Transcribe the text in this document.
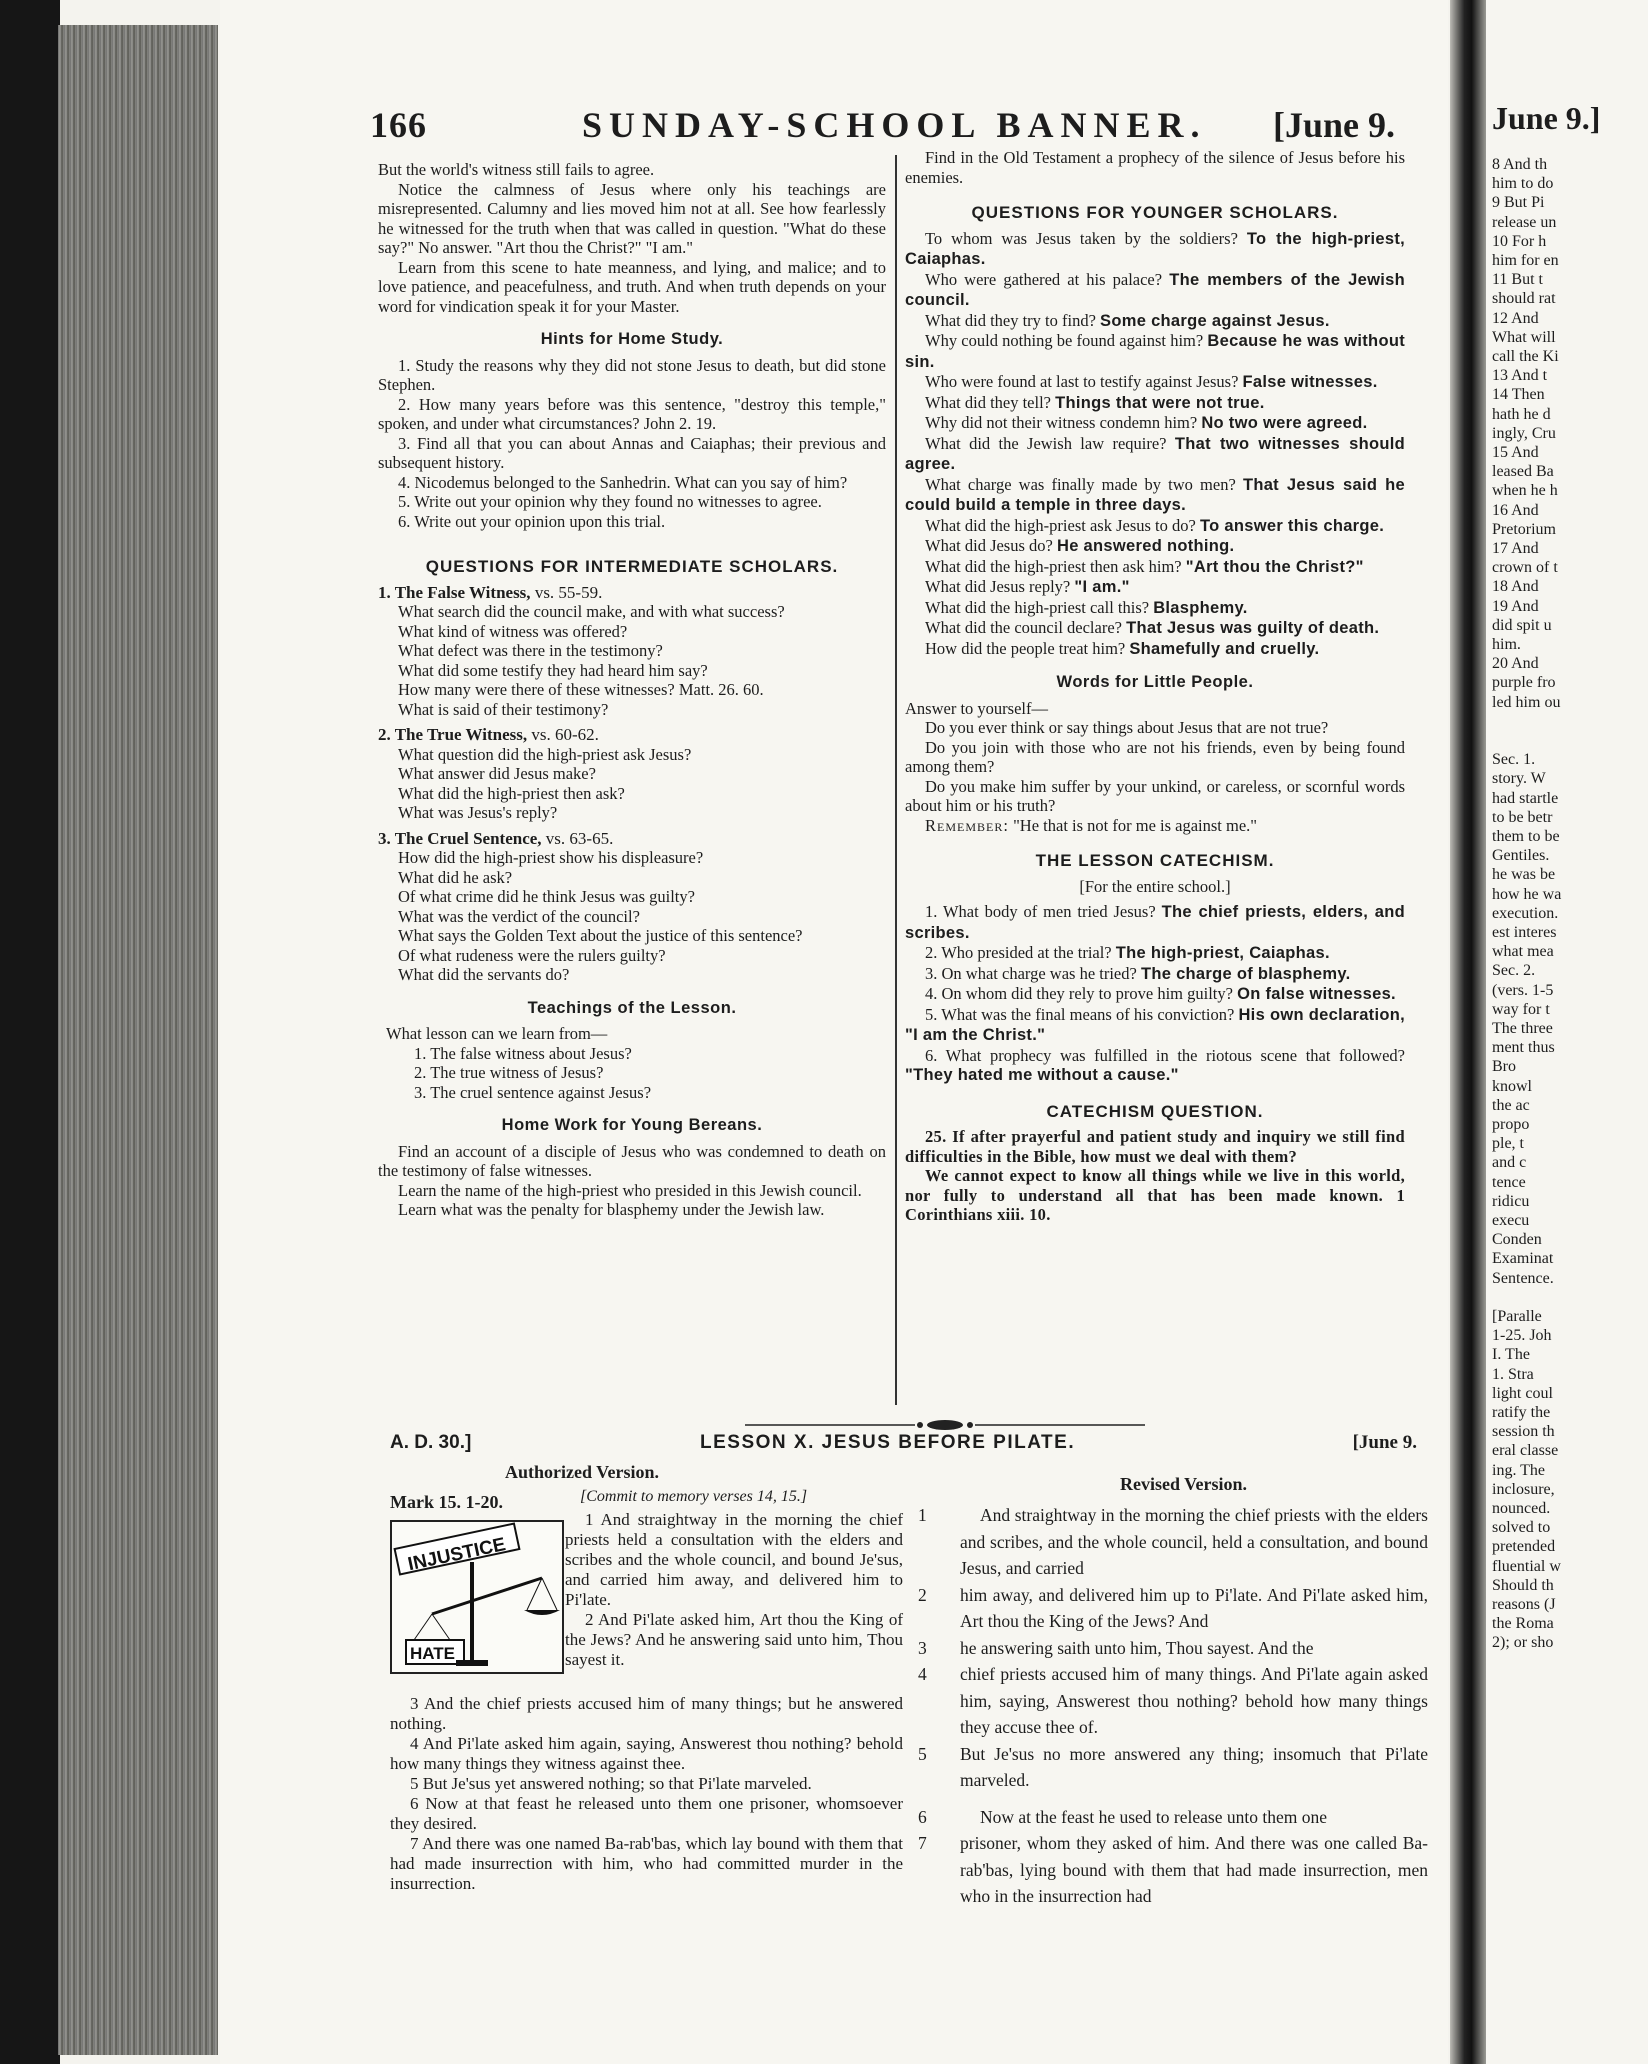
June 9.]
8 And th
him to do
9 But Pi
release un
10 For h
him for en
11 But t
should rat
12 And
What will
call the Ki
13 And t
14 Then
hath he d
ingly, Cru
15 And
leased Ba
when he h
16 And
Pretorium
17 And
crown of t
18 And
19 And
did spit u
him.
20 And
purple fro
led him ou
Sec. 1.
story. W
had startle
to be betr
them to be
Gentiles.
he was be
how he wa
execution.
est interes
what mea
Sec. 2.
(vers. 1-5
way for t
The three
ment thus
Bro
knowl
the ac
propo
ple, t
and c
tence
ridicu
execu
Conden
Examinat
Sentence.
[Paralle
1-25. Joh
I. The
1. Stra
light coul
ratify the
session th
eral classe
ing. The
inclosure,
nounced.
solved to
pretended
fluential w
Should th
reasons (J
the Roma
2); or sho
166	SUNDAY-SCHOOL BANNER. [June 9.

But the world's witness still fails to agree.

Notice the calmness of Jesus where only his teachings are misrepresented. Calumny and lies moved him not at all. See how fearlessly he witnessed for the truth when that was called in question. "What do these say?" No answer. "Art thou the Christ?" "I am."

Learn from this scene to hate meanness, and lying, and malice; and to love patience, and peacefulness, and truth. And when truth depends on your word for vindication speak it for your Master.

Hints for Home Study.

1. Study the reasons why they did not stone Jesus to death, but did stone Stephen.

2. How many years before was this sentence, "destroy this temple," spoken, and under what circumstances? John 2. 19.

3. Find all that you can about Annas and Caiaphas; their previous and subsequent history.

4. Nicodemus belonged to the Sanhedrin. What can you say of him?

5. Write out your opinion why they found no witnesses to agree.

6. Write out your opinion upon this trial.

QUESTIONS FOR INTERMEDIATE SCHOLARS.
1. The False Witness, vs. 55-59.

What search did the council make, and with what success?

What kind of witness was offered?

What defect was there in the testimony?

What did some testify they had heard him say?

How many were there of these witnesses? Matt. 26. 60.

What is said of their testimony?

2. The True Witness, vs. 60-62.

What question did the high-priest ask Jesus?

What answer did Jesus make?

What did the high-priest then ask?

What was Jesus's reply?

3. The Cruel Sentence, vs. 63-65.

How did the high-priest show his displeasure?

What did he ask?

Of what crime did he think Jesus was guilty?

What was the verdict of the council?

What says the Golden Text about the justice of this sentence?

Of what rudeness were the rulers guilty?

What did the servants do?

Teachings of the Lesson.

What lesson can we learn from—

1. The false witness about Jesus?

2. The true witness of Jesus?

3. The cruel sentence against Jesus?

Home Work for Young Bereans.

Find an account of a disciple of Jesus who was condemned to death on the testimony of false witnesses.

Learn the name of the high-priest who presided in this Jewish council.

Learn what was the penalty for blasphemy under the Jewish law.

Find in the Old Testament a prophecy of the silence of Jesus before his enemies.

QUESTIONS FOR YOUNGER SCHOLARS.

To whom was Jesus taken by the soldiers? To the high-priest, Caiaphas.

Who were gathered at his palace? The members of the Jewish council.

What did they try to find? Some charge against Jesus.

Why could nothing be found against him? Because he was without sin.

Who were found at last to testify against Jesus? False witnesses.

What did they tell? Things that were not true.

Why did not their witness condemn him? No two were agreed.

What did the Jewish law require? That two witnesses should agree.

What charge was finally made by two men? That Jesus said he could build a temple in three days.

What did the high-priest ask Jesus to do? To answer this charge.

What did Jesus do? He answered nothing.

What did the high-priest then ask him? "Art thou the Christ?"

What did Jesus reply? "I am."

What did the high-priest call this? Blasphemy.

What did the council declare? That Jesus was guilty of death.

How did the people treat him? Shamefully and cruelly.

Words for Little People.

Answer to yourself—

Do you ever think or say things about Jesus that are not true?

Do you join with those who are not his friends, even by being found among them?

Do you make him suffer by your unkind, or careless, or scornful words about him or his truth?

Remember: "He that is not for me is against me."

THE LESSON CATECHISM.
[For the entire school.]

1. What body of men tried Jesus? The chief priests, elders, and scribes.

2. Who presided at the trial? The high-priest, Caiaphas.

3. On what charge was he tried? The charge of blasphemy.

4. On whom did they rely to prove him guilty? On false witnesses.

5. What was the final means of his conviction? His own declaration, "I am the Christ."

6. What prophecy was fulfilled in the riotous scene that followed? "They hated me without a cause."

CATECHISM QUESTION.

25. If after prayerful and patient study and inquiry we still find difficulties in the Bible, how must we deal with them?

We cannot expect to know all things while we live in this world, nor fully to understand all that has been made known. 1 Corinthians xiii. 10.

A. D. 30.]	LESSON X. JESUS BEFORE PILATE.	[June 9.
Authorized Version.
Revised Version.
Mark 15. 1-20.	[Commit to memory verses 14, 15.]
INJUSTICE
HATE

1 And straightway in the morning the chief priests held a consultation with the elders and scribes and the whole council, and bound Je'sus, and carried him away, and delivered him to Pi'late.

2 And Pi'late asked him, Art thou the King of the Jews? And he answering said unto him, Thou sayest it.

3 And the chief priests accused him of many things; but he answered nothing.

4 And Pi'late asked him again, saying, Answerest thou nothing? behold how many things they witness against thee.

5 But Je'sus yet answered nothing; so that Pi'late marveled.

6 Now at that feast he released unto them one prisoner, whomsoever they desired.

7 And there was one named Ba-rab'bas, which lay bound with them that had made insurrection with him, who had committed murder in the insurrection.

1	And straightway in the morning the chief priests with the elders and scribes, and the whole council, held a consultation, and bound Jesus, and carried

2 him away, and delivered him up to Pi'late. And Pi'late asked him, Art thou the King of the Jews? And

3 he answering saith unto him, Thou sayest. And the

4 chief priests accused him of many things. And Pi'late again asked him, saying, Answerest thou nothing? behold how many things they accuse thee of.

5 But Je'sus no more answered any thing; insomuch that Pi'late marveled.

6	Now at the feast he used to release unto them one

7 prisoner, whom they asked of him. And there was one called Ba-rab'bas, lying bound with them that had made insurrection, men who in the insurrection had
